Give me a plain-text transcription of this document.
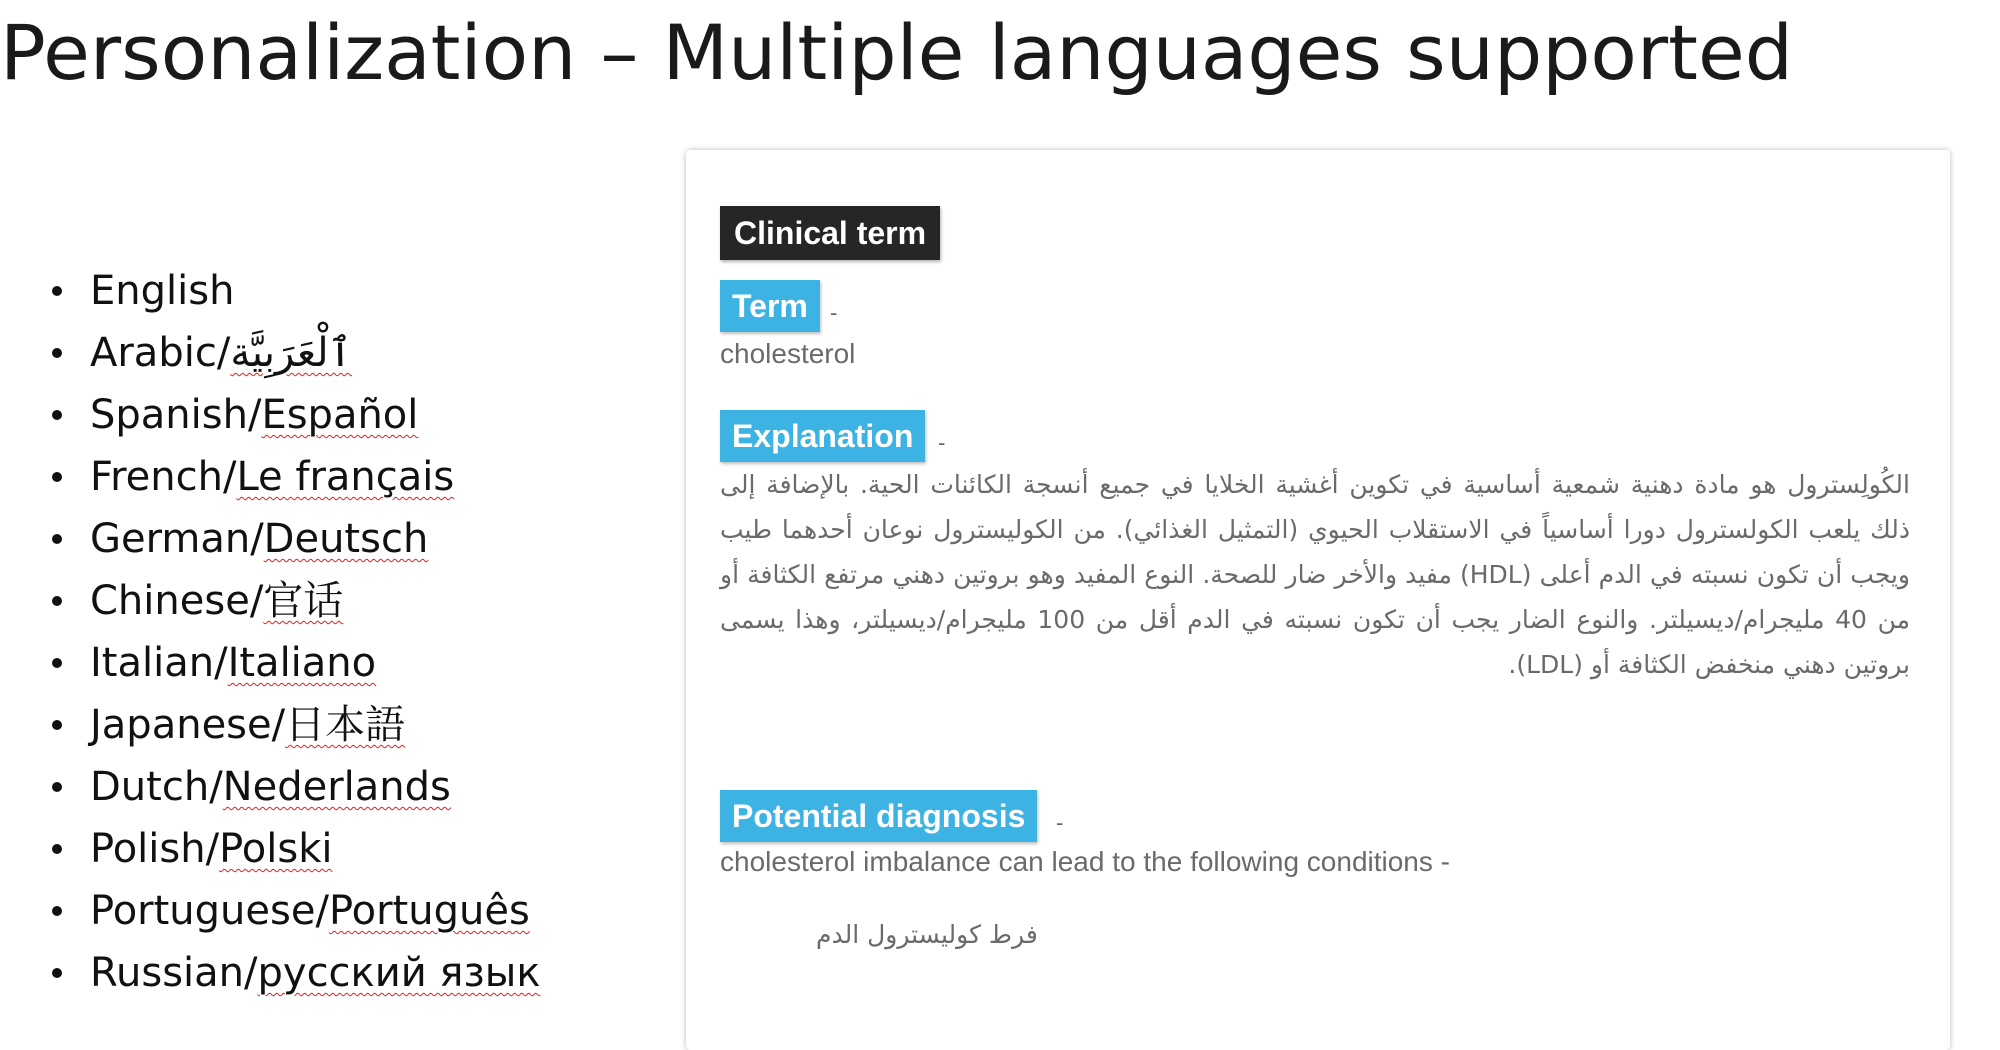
Personalization – Multiple languages supported
English
Arabic/ٱلْعَرَبِيَّة
Spanish/Español
French/Le français
German/Deutsch
Chinese/官话
Italian/Italiano
Japanese/日本語
Dutch/Nederlands
Polish/Polski
Portuguese/Português
Russian/русский язык
Clinical term
Term	-
cholesterol
Explanation	-
الكُولِسترول هو مادة دهنية شمعية أساسية في تكوين أغشية الخلايا في جميع أنسجة الكائنات الحية. بالإضافة إلى ذلك يلعب الكولسترول دورا أساسياً في الاستقلاب الحيوي (التمثيل الغذائي). من الكوليسترول نوعان أحدهما طيب ويجب أن تكون نسبته في الدم أعلى (HDL) مفيد والأخر ضار للصحة. النوع المفيد وهو بروتين دهني مرتفع الكثافة أو من 40 مليجرام/ديسيلتر. والنوع الضار يجب أن تكون نسبته في الدم أقل من 100 مليجرام/ديسيلتر، وهذا يسمى بروتين دهني منخفض الكثافة أو (LDL).
Potential diagnosis	-
cholesterol imbalance can lead to the following conditions -
فرط كوليسترول الدم
